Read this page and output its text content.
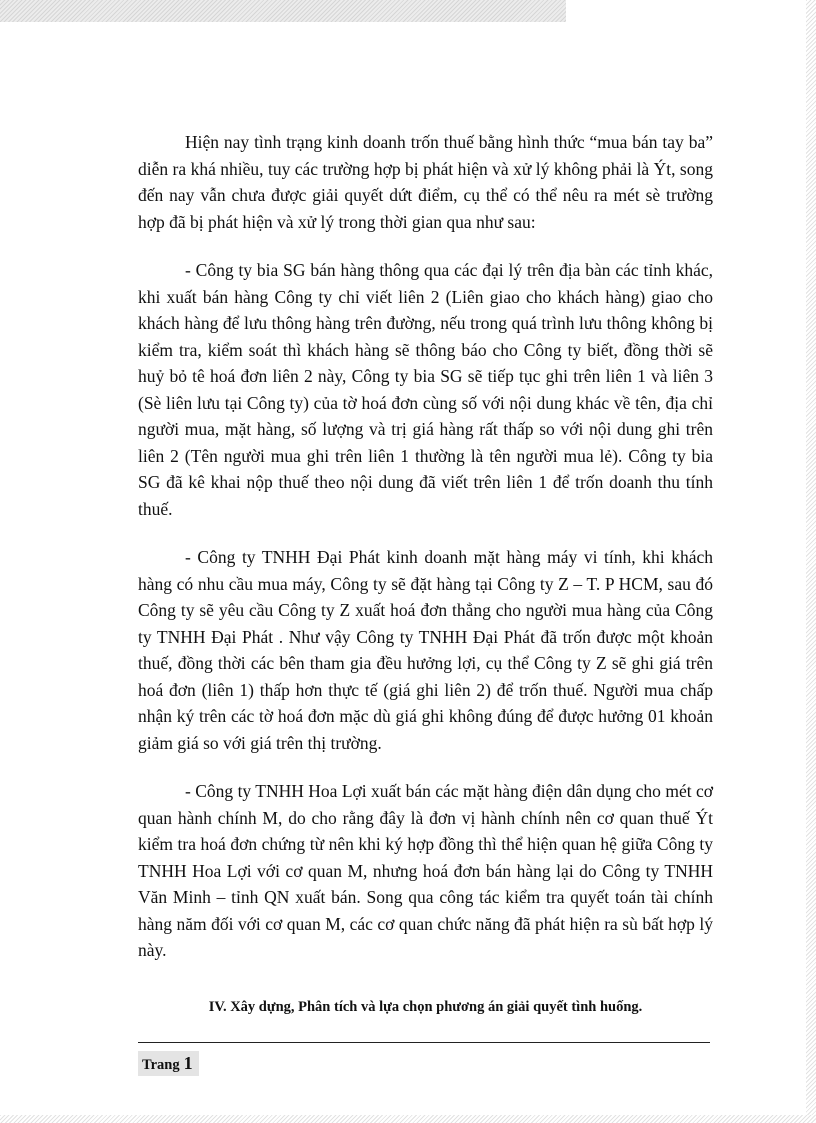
Hiện nay tình trạng kinh doanh trốn thuế bằng hình thức “mua bán tay ba” diễn ra khá nhiều, tuy các trường hợp bị phát hiện và xử lý không phải là Ýt, song đến nay vẫn chưa được giải quyết dứt điểm, cụ thể có thể nêu ra mét sè trường hợp đã bị phát hiện và xử lý trong thời gian qua như sau:

- Công ty bia SG bán hàng thông qua các đại lý trên địa bàn các tỉnh khác, khi xuất bán hàng Công ty chỉ viết liên 2 (Liên giao cho khách hàng) giao cho khách hàng để lưu thông hàng trên đường, nếu trong quá trình lưu thông không bị kiểm tra, kiểm soát thì khách hàng sẽ thông báo cho Công ty biết, đồng thời sẽ huỷ bỏ tê hoá đơn liên 2 này, Công ty bia SG sẽ tiếp tục ghi trên liên 1 và liên 3 (Sè liên lưu tại Công ty) của tờ hoá đơn cùng số với nội dung khác về tên, địa chỉ người mua, mặt hàng, số lượng và trị giá hàng rất thấp so với nội dung ghi trên liên 2 (Tên người mua ghi trên liên 1 thường là tên người mua lẻ). Công ty bia SG đã kê khai nộp thuế theo nội dung đã viết trên liên 1 để trốn doanh thu tính thuế.

- Công ty TNHH Đại Phát kinh doanh mặt hàng máy vi tính, khi khách hàng có nhu cầu mua máy, Công ty sẽ đặt hàng tại Công ty Z – T. P HCM, sau đó Công ty sẽ yêu cầu Công ty Z xuất hoá đơn thẳng cho người mua hàng của Công ty TNHH Đại Phát . Như vậy Công ty TNHH Đại Phát đã trốn được một khoản thuế, đồng thời các bên tham gia đều hưởng lợi, cụ thể Công ty Z sẽ ghi giá trên hoá đơn (liên 1) thấp hơn thực tế (giá ghi liên 2) để trốn thuế. Người mua chấp nhận ký trên các tờ hoá đơn mặc dù giá ghi không đúng để được hưởng 01 khoản giảm giá so với giá trên thị trường.

- Công ty TNHH Hoa Lợi xuất bán các mặt hàng điện dân dụng cho mét cơ quan hành chính M, do cho rằng đây là đơn vị hành chính nên cơ quan thuế Ýt kiểm tra hoá đơn chứng từ nên khi ký hợp đồng thì thể hiện quan hệ giữa Công ty TNHH Hoa Lợi với cơ quan M, nhưng hoá đơn bán hàng lại do Công ty TNHH Văn Minh – tỉnh QN xuất bán. Song qua công tác kiểm tra quyết toán tài chính hàng năm đối với cơ quan M, các cơ quan chức năng đã phát hiện ra sù bất hợp lý này.

IV. Xây dựng, Phân tích và lựa chọn phương án giải quyết tình huống.

Trang 1
